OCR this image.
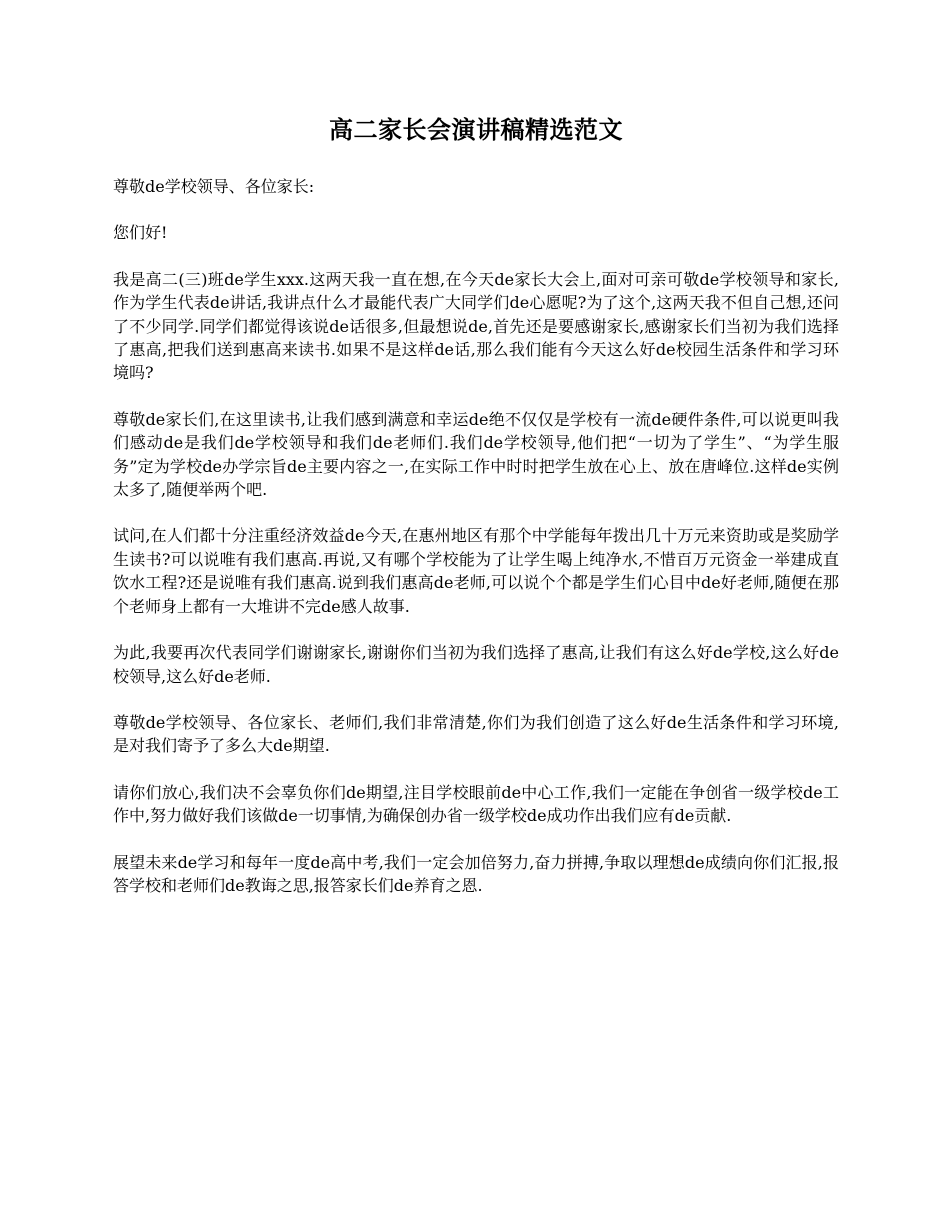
高二家长会演讲稿精选范文

尊敬de学校领导、各位家长:

您们好!

我是高二(三)班de学生xxx.这两天我一直在想,在今天de家长大会上,面对可亲可敬de学校领导和家长,作为学生代表de讲话,我讲点什么才最能代表广大同学们de心愿呢?为了这个,这两天我不但自己想,还问了不少同学.同学们都觉得该说de话很多,但最想说de,首先还是要感谢家长,感谢家长们当初为我们选择了惠高,把我们送到惠高来读书.如果不是这样de话,那么我们能有今天这么好de校园生活条件和学习环境吗?

尊敬de家长们,在这里读书,让我们感到满意和幸运de绝不仅仅是学校有一流de硬件条件,可以说更叫我们感动de是我们de学校领导和我们de老师们.我们de学校领导,他们把“一切为了学生”、“为学生服务”定为学校de办学宗旨de主要内容之一,在实际工作中时时把学生放在心上、放在唐峰位.这样de实例太多了,随便举两个吧.

试问,在人们都十分注重经济效益de今天,在惠州地区有那个中学能每年拨出几十万元来资助或是奖励学生读书?可以说唯有我们惠高.再说,又有哪个学校能为了让学生喝上纯净水,不惜百万元资金一举建成直饮水工程?还是说唯有我们惠高.说到我们惠高de老师,可以说个个都是学生们心目中de好老师,随便在那个老师身上都有一大堆讲不完de感人故事.

为此,我要再次代表同学们谢谢家长,谢谢你们当初为我们选择了惠高,让我们有这么好de学校,这么好de校领导,这么好de老师.

尊敬de学校领导、各位家长、老师们,我们非常清楚,你们为我们创造了这么好de生活条件和学习环境,是对我们寄予了多么大de期望.

请你们放心,我们决不会辜负你们de期望,注目学校眼前de中心工作,我们一定能在争创省一级学校de工作中,努力做好我们该做de一切事情,为确保创办省一级学校de成功作出我们应有de贡献.

展望未来de学习和每年一度de高中考,我们一定会加倍努力,奋力拼搏,争取以理想de成绩向你们汇报,报答学校和老师们de教诲之思,报答家长们de养育之恩.
